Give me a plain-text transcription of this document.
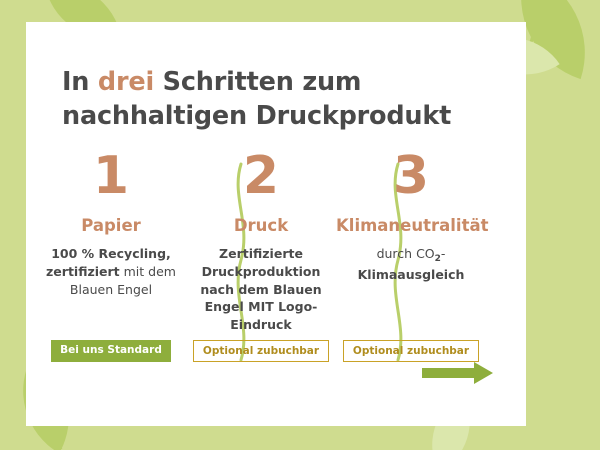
In drei Schritten zum
nachhaltigen Druckprodukt
1
Papier
100 % Recycling, zertifiziert mit dem Blauen Engel
2
Druck
Zertifizierte Druckproduktion nach dem Blauen Engel MIT Logo-Eindruck
3
Klimaneutralität
durch $CO_2$-Klimaausgleich
Bei uns Standard	Optional zubuchbar	Optional zubuchbar
